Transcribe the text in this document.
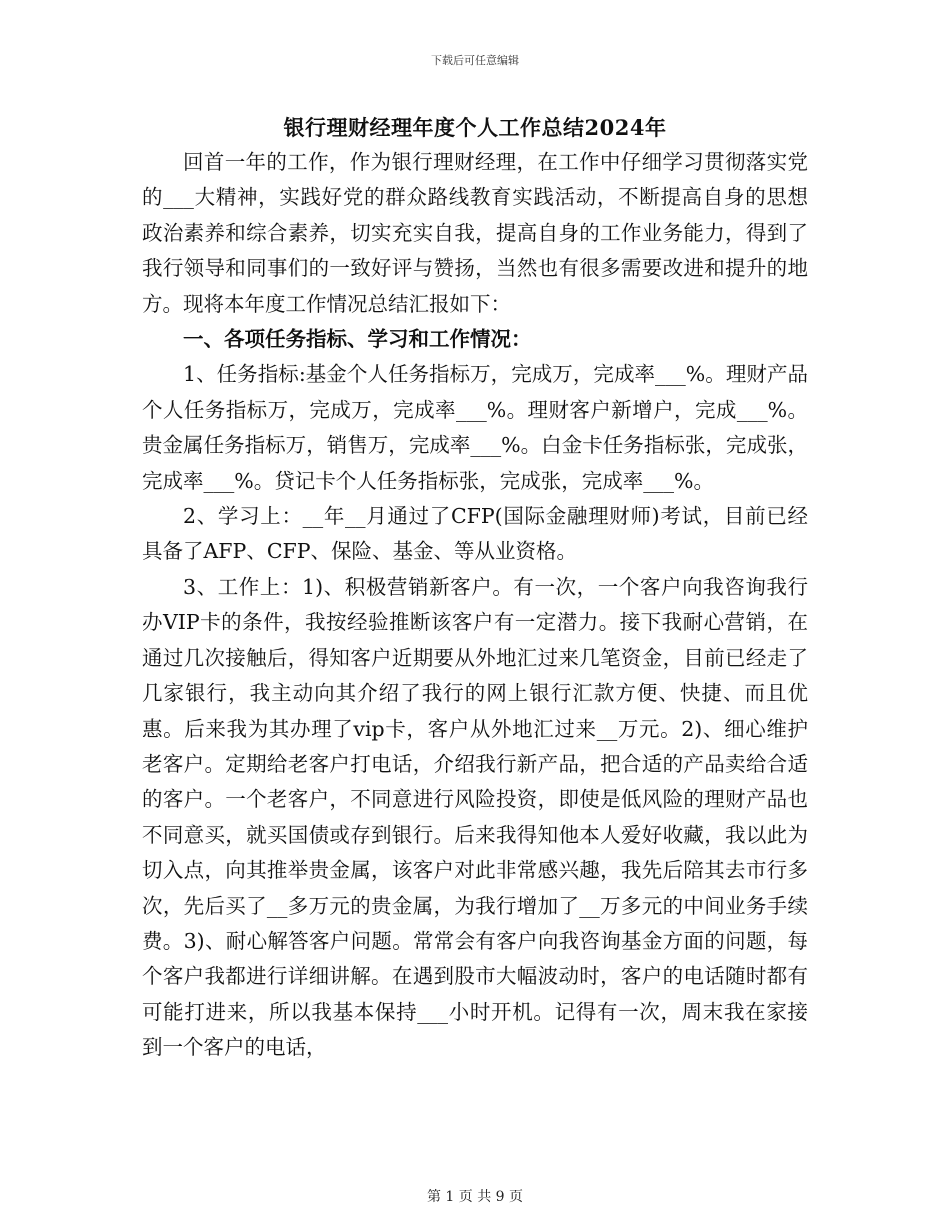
下载后可任意编辑
银行理财经理年度个人工作总结2024年

回首一年的工作，作为银行理财经理，在工作中仔细学习贯彻落实党的___大精神，实践好党的群众路线教育实践活动，不断提高自身的思想政治素养和综合素养，切实充实自我，提高自身的工作业务能力，得到了我行领导和同事们的一致好评与赞扬，当然也有很多需要改进和提升的地方。现将本年度工作情况总结汇报如下：

一、各项任务指标、学习和工作情况：

1、任务指标:基金个人任务指标万，完成万，完成率___%。理财产品个人任务指标万，完成万，完成率___%。理财客户新增户，完成___%。贵金属任务指标万，销售万，完成率___%。白金卡任务指标张，完成张，完成率___%。贷记卡个人任务指标张，完成张，完成率___%。

2、学习上：__年__月通过了CFP(国际金融理财师)考试，目前已经具备了AFP、CFP、保险、基金、等从业资格。

3、工作上：1)、积极营销新客户。有一次，一个客户向我咨询我行办VIP卡的条件，我按经验推断该客户有一定潜力。接下我耐心营销，在通过几次接触后，得知客户近期要从外地汇过来几笔资金，目前已经走了几家银行，我主动向其介绍了我行的网上银行汇款方便、快捷、而且优惠。后来我为其办理了vip卡，客户从外地汇过来__万元。2)、细心维护老客户。定期给老客户打电话，介绍我行新产品，把合适的产品卖给合适的客户。一个老客户，不同意进行风险投资，即使是低风险的理财产品也不同意买，就买国债或存到银行。后来我得知他本人爱好收藏，我以此为切入点，向其推举贵金属，该客户对此非常感兴趣，我先后陪其去市行多次，先后买了__多万元的贵金属，为我行增加了__万多元的中间业务手续费。3)、耐心解答客户问题。常常会有客户向我咨询基金方面的问题，每个客户我都进行详细讲解。在遇到股市大幅波动时，客户的电话随时都有可能打进来，所以我基本保持___小时开机。记得有一次，周末我在家接到一个客户的电话，

第 1 页 共 9 页
